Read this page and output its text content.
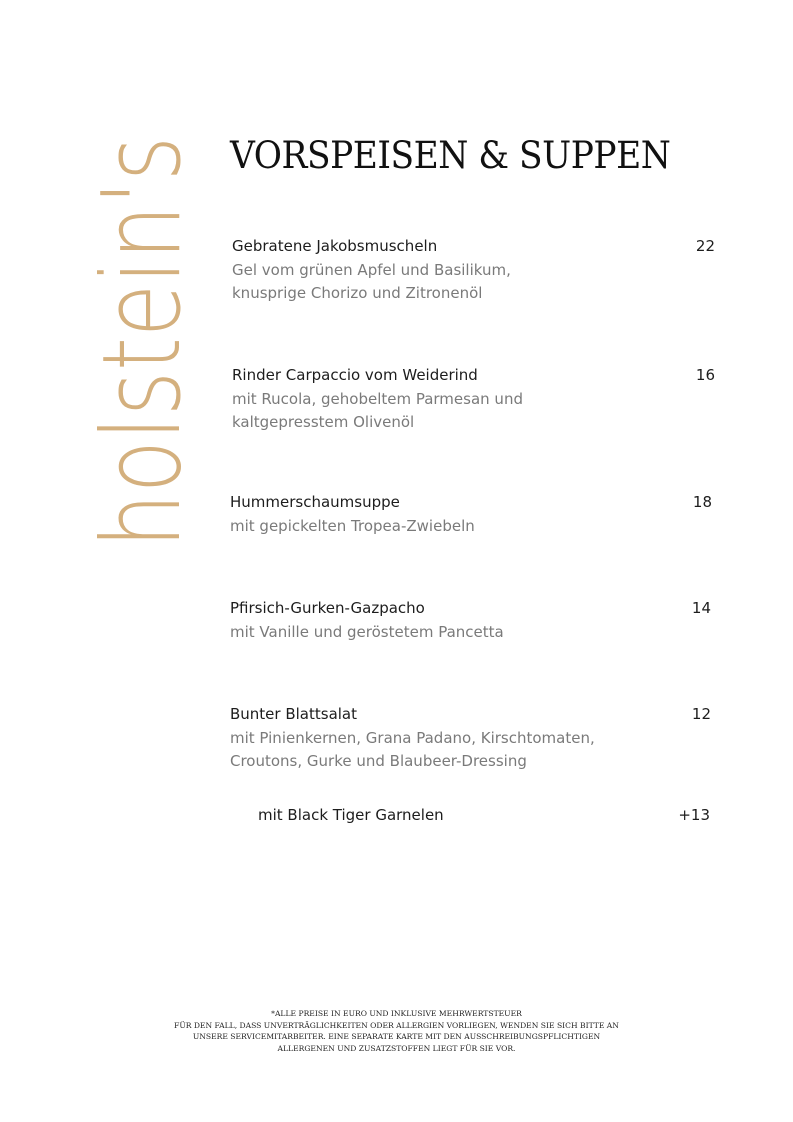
holstein's VORSPEISEN & SUPPEN
Gebratene Jakobsmuscheln	22
Gel vom grünen Apfel und Basilikum,
knusprige Chorizo und Zitronenöl
Rinder Carpaccio vom Weiderind	16
mit Rucola, gehobeltem Parmesan und
kaltgepresstem Olivenöl
Hummerschaumsuppe	18
mit gepickelten Tropea-Zwiebeln
Pfirsich-Gurken-Gazpacho	14
mit Vanille und geröstetem Pancetta
Bunter Blattsalat	12
mit Pinienkernen, Grana Padano, Kirschtomaten,
Croutons, Gurke und Blaubeer-Dressing
mit Black Tiger Garnelen	+13
*ALLE PREISE IN EURO UND INKLUSIVE MEHRWERTSTEUER
FÜR DEN FALL, DASS UNVERTRÄGLICHKEITEN ODER ALLERGIEN VORLIEGEN, WENDEN SIE SICH BITTE AN
UNSERE SERVICEMITARBEITER. EINE SEPARATE KARTE MIT DEN AUSSCHREIBUNGSPFLICHTIGEN
ALLERGENEN UND ZUSATZSTOFFEN LIEGT FÜR SIE VOR.
